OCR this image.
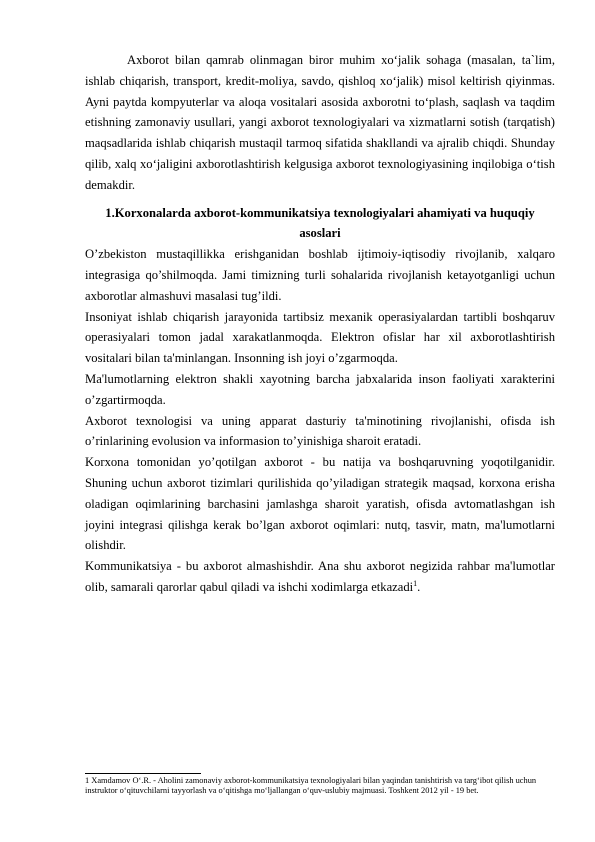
Axborot bilan qamrab olinmagan biror muhim xo‘jalik sohaga (masalan, ta`lim, ishlab chiqarish, transport, kredit-moliya, savdo, qishloq xo‘jalik) misol keltirish qiyinmas. Ayni paytda kompyuterlar va aloqa vositalari asosida axborotni to‘plash, saqlash va taqdim etishning zamonaviy usullari, yangi axborot texnologiyalari va xizmatlarni sotish (tarqatish) maqsadlarida ishlab chiqarish mustaqil tarmoq sifatida shakllandi va ajralib chiqdi. Shunday qilib, xalq xo‘jaligini axborotlashtirish kelgusiga axborot texnologiyasining inqilobiga o‘tish demakdir.

1.Korxonalarda axborot-kommunikatsiya texnologiyalari ahamiyati va huquqiy asoslari

O’zbekiston mustaqillikka erishganidan boshlab ijtimoiy-iqtisodiy rivojlanib, xalqaro integrasiga qo’shilmoqda. Jami timizning turli sohalarida rivojlanish ketayotganligi uchun axborotlar almashuvi masalasi tug’ildi.

Insoniyat ishlab chiqarish jarayonida tartibsiz mexanik operasiyalardan tartibli boshqaruv operasiyalari tomon jadal xarakatlanmoqda. Elektron ofislar har xil axborotlashtirish vositalari bilan ta'minlangan. Insonning ish joyi o’zgarmoqda.

Ma'lumotlarning elektron shakli xayotning barcha jabxalarida inson faoliyati xarakterini o’zgartirmoqda.

Axborot texnologisi va uning apparat dasturiy ta'minotining rivojlanishi, ofisda ish o’rinlarining evolusion va informasion to’yinishiga sharoit eratadi.

Korxona tomonidan yo’qotilgan axborot - bu natija va boshqaruvning yoqotilganidir. Shuning uchun axborot tizimlari qurilishida qo’yiladigan strategik maqsad, korxona erisha oladigan oqimlarining barchasini jamlashga sharoit yaratish, ofisda avtomatlashgan ish joyini integrasi qilishga kerak bo’lgan axborot oqimlari: nutq, tasvir, matn, ma'lumotlarni olishdir.

Kommunikatsiya - bu axborot almashishdir. Ana shu axborot negizida rahbar ma'lumotlar olib, samarali qarorlar qabul qiladi va ishchi xodimlarga etkazadi$^1$.

1 Xamdamov O‘.R. - Aholini zamonaviy axborot-kommunikatsiya texnologiyalari bilan yaqindan tanishtirish va targ‘ibot qilish uchun instruktor o‘qituvchilarni tayyorlash va o‘qitishga mo‘ljallangan o‘quv-uslubiy majmuasi. Toshkent 2012 yil - 19 bet.
